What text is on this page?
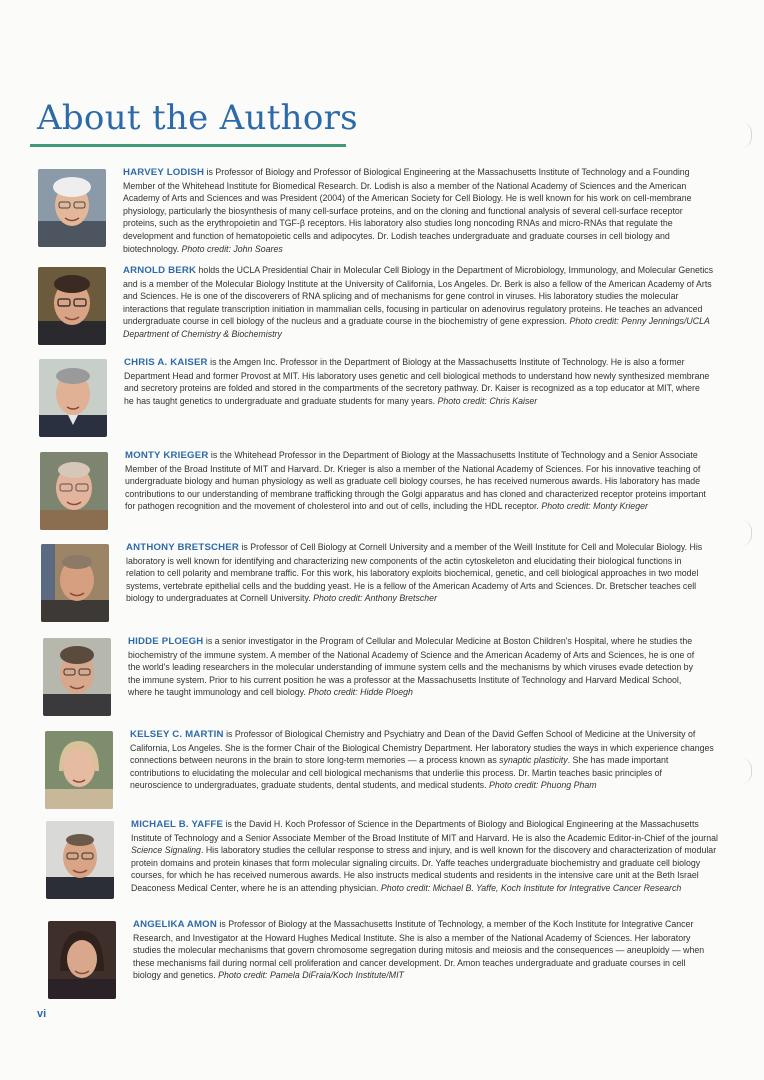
About the Authors

HARVEY LODISH is Professor of Biology and Professor of Biological Engineering at the Massachusetts Institute of Technology and a Founding Member of the Whitehead Institute for Biomedical Research. Dr. Lodish is also a member of the National Academy of Sciences and the American Academy of Arts and Sciences and was President (2004) of the American Society for Cell Biology. He is well known for his work on cell-membrane physiology, particularly the biosynthesis of many cell-surface proteins, and on the cloning and functional analysis of several cell-surface receptor proteins, such as the erythropoietin and TGF-β receptors. His laboratory also studies long noncoding RNAs and micro-RNAs that regulate the development and function of hematopoietic cells and adipocytes. Dr. Lodish teaches undergraduate and graduate courses in cell biology and biotechnology. Photo credit: John Soares

ARNOLD BERK holds the UCLA Presidential Chair in Molecular Cell Biology in the Department of Microbiology, Immunology, and Molecular Genetics and is a member of the Molecular Biology Institute at the University of California, Los Angeles. Dr. Berk is also a fellow of the American Academy of Arts and Sciences. He is one of the discoverers of RNA splicing and of mechanisms for gene control in viruses. His laboratory studies the molecular interactions that regulate transcription initiation in mammalian cells, focusing in particular on adenovirus regulatory proteins. He teaches an advanced undergraduate course in cell biology of the nucleus and a graduate course in the biochemistry of gene expression. Photo credit: Penny Jennings/UCLA Department of Chemistry & Biochemistry

CHRIS A. KAISER is the Amgen Inc. Professor in the Department of Biology at the Massachusetts Institute of Technology. He is also a former Department Head and former Provost at MIT. His laboratory uses genetic and cell biological methods to understand how newly synthesized membrane and secretory proteins are folded and stored in the compartments of the secretory pathway. Dr. Kaiser is recognized as a top educator at MIT, where he has taught genetics to undergraduate and graduate students for many years. Photo credit: Chris Kaiser

MONTY KRIEGER is the Whitehead Professor in the Department of Biology at the Massachusetts Institute of Technology and a Senior Associate Member of the Broad Institute of MIT and Harvard. Dr. Krieger is also a member of the National Academy of Sciences. For his innovative teaching of undergraduate biology and human physiology as well as graduate cell biology courses, he has received numerous awards. His laboratory has made contributions to our understanding of membrane trafficking through the Golgi apparatus and has cloned and characterized receptor proteins important for pathogen recognition and the movement of cholesterol into and out of cells, including the HDL receptor. Photo credit: Monty Krieger

ANTHONY BRETSCHER is Professor of Cell Biology at Cornell University and a member of the Weill Institute for Cell and Molecular Biology. His laboratory is well known for identifying and characterizing new components of the actin cytoskeleton and elucidating their biological functions in relation to cell polarity and membrane traffic. For this work, his laboratory exploits biochemical, genetic, and cell biological approaches in two model systems, vertebrate epithelial cells and the budding yeast. He is a fellow of the American Academy of Arts and Sciences. Dr. Bretscher teaches cell biology to undergraduates at Cornell University. Photo credit: Anthony Bretscher

HIDDE PLOEGH is a senior investigator in the Program of Cellular and Molecular Medicine at Boston Children's Hospital, where he studies the biochemistry of the immune system. A member of the National Academy of Science and the American Academy of Arts and Sciences, he is one of the world's leading researchers in the molecular understanding of immune system cells and the mechanisms by which viruses evade detection by the immune system. Prior to his current position he was a professor at the Massachusetts Institute of Technology and Harvard Medical School, where he taught immunology and cell biology. Photo credit: Hidde Ploegh

KELSEY C. MARTIN is Professor of Biological Chemistry and Psychiatry and Dean of the David Geffen School of Medicine at the University of California, Los Angeles. She is the former Chair of the Biological Chemistry Department. Her laboratory studies the ways in which experience changes connections between neurons in the brain to store long-term memories — a process known as synaptic plasticity. She has made important contributions to elucidating the molecular and cell biological mechanisms that underlie this process. Dr. Martin teaches basic principles of neuroscience to undergraduates, graduate students, dental students, and medical students. Photo credit: Phuong Pham

MICHAEL B. YAFFE is the David H. Koch Professor of Science in the Departments of Biology and Biological Engineering at the Massachusetts Institute of Technology and a Senior Associate Member of the Broad Institute of MIT and Harvard. He is also the Academic Editor-in-Chief of the journal Science Signaling. His laboratory studies the cellular response to stress and injury, and is well known for the discovery and characterization of modular protein domains and protein kinases that form molecular signaling circuits. Dr. Yaffe teaches undergraduate biochemistry and graduate cell biology courses, for which he has received numerous awards. He also instructs medical students and residents in the intensive care unit at the Beth Israel Deaconess Medical Center, where he is an attending physician. Photo credit: Michael B. Yaffe, Koch Institute for Integrative Cancer Research

ANGELIKA AMON is Professor of Biology at the Massachusetts Institute of Technology, a member of the Koch Institute for Integrative Cancer Research, and Investigator at the Howard Hughes Medical Institute. She is also a member of the National Academy of Sciences. Her laboratory studies the molecular mechanisms that govern chromosome segregation during mitosis and meiosis and the consequences — aneuploidy — when these mechanisms fail during normal cell proliferation and cancer development. Dr. Amon teaches undergraduate and graduate courses in cell biology and genetics. Photo credit: Pamela DiFraia/Koch Institute/MIT

vi
